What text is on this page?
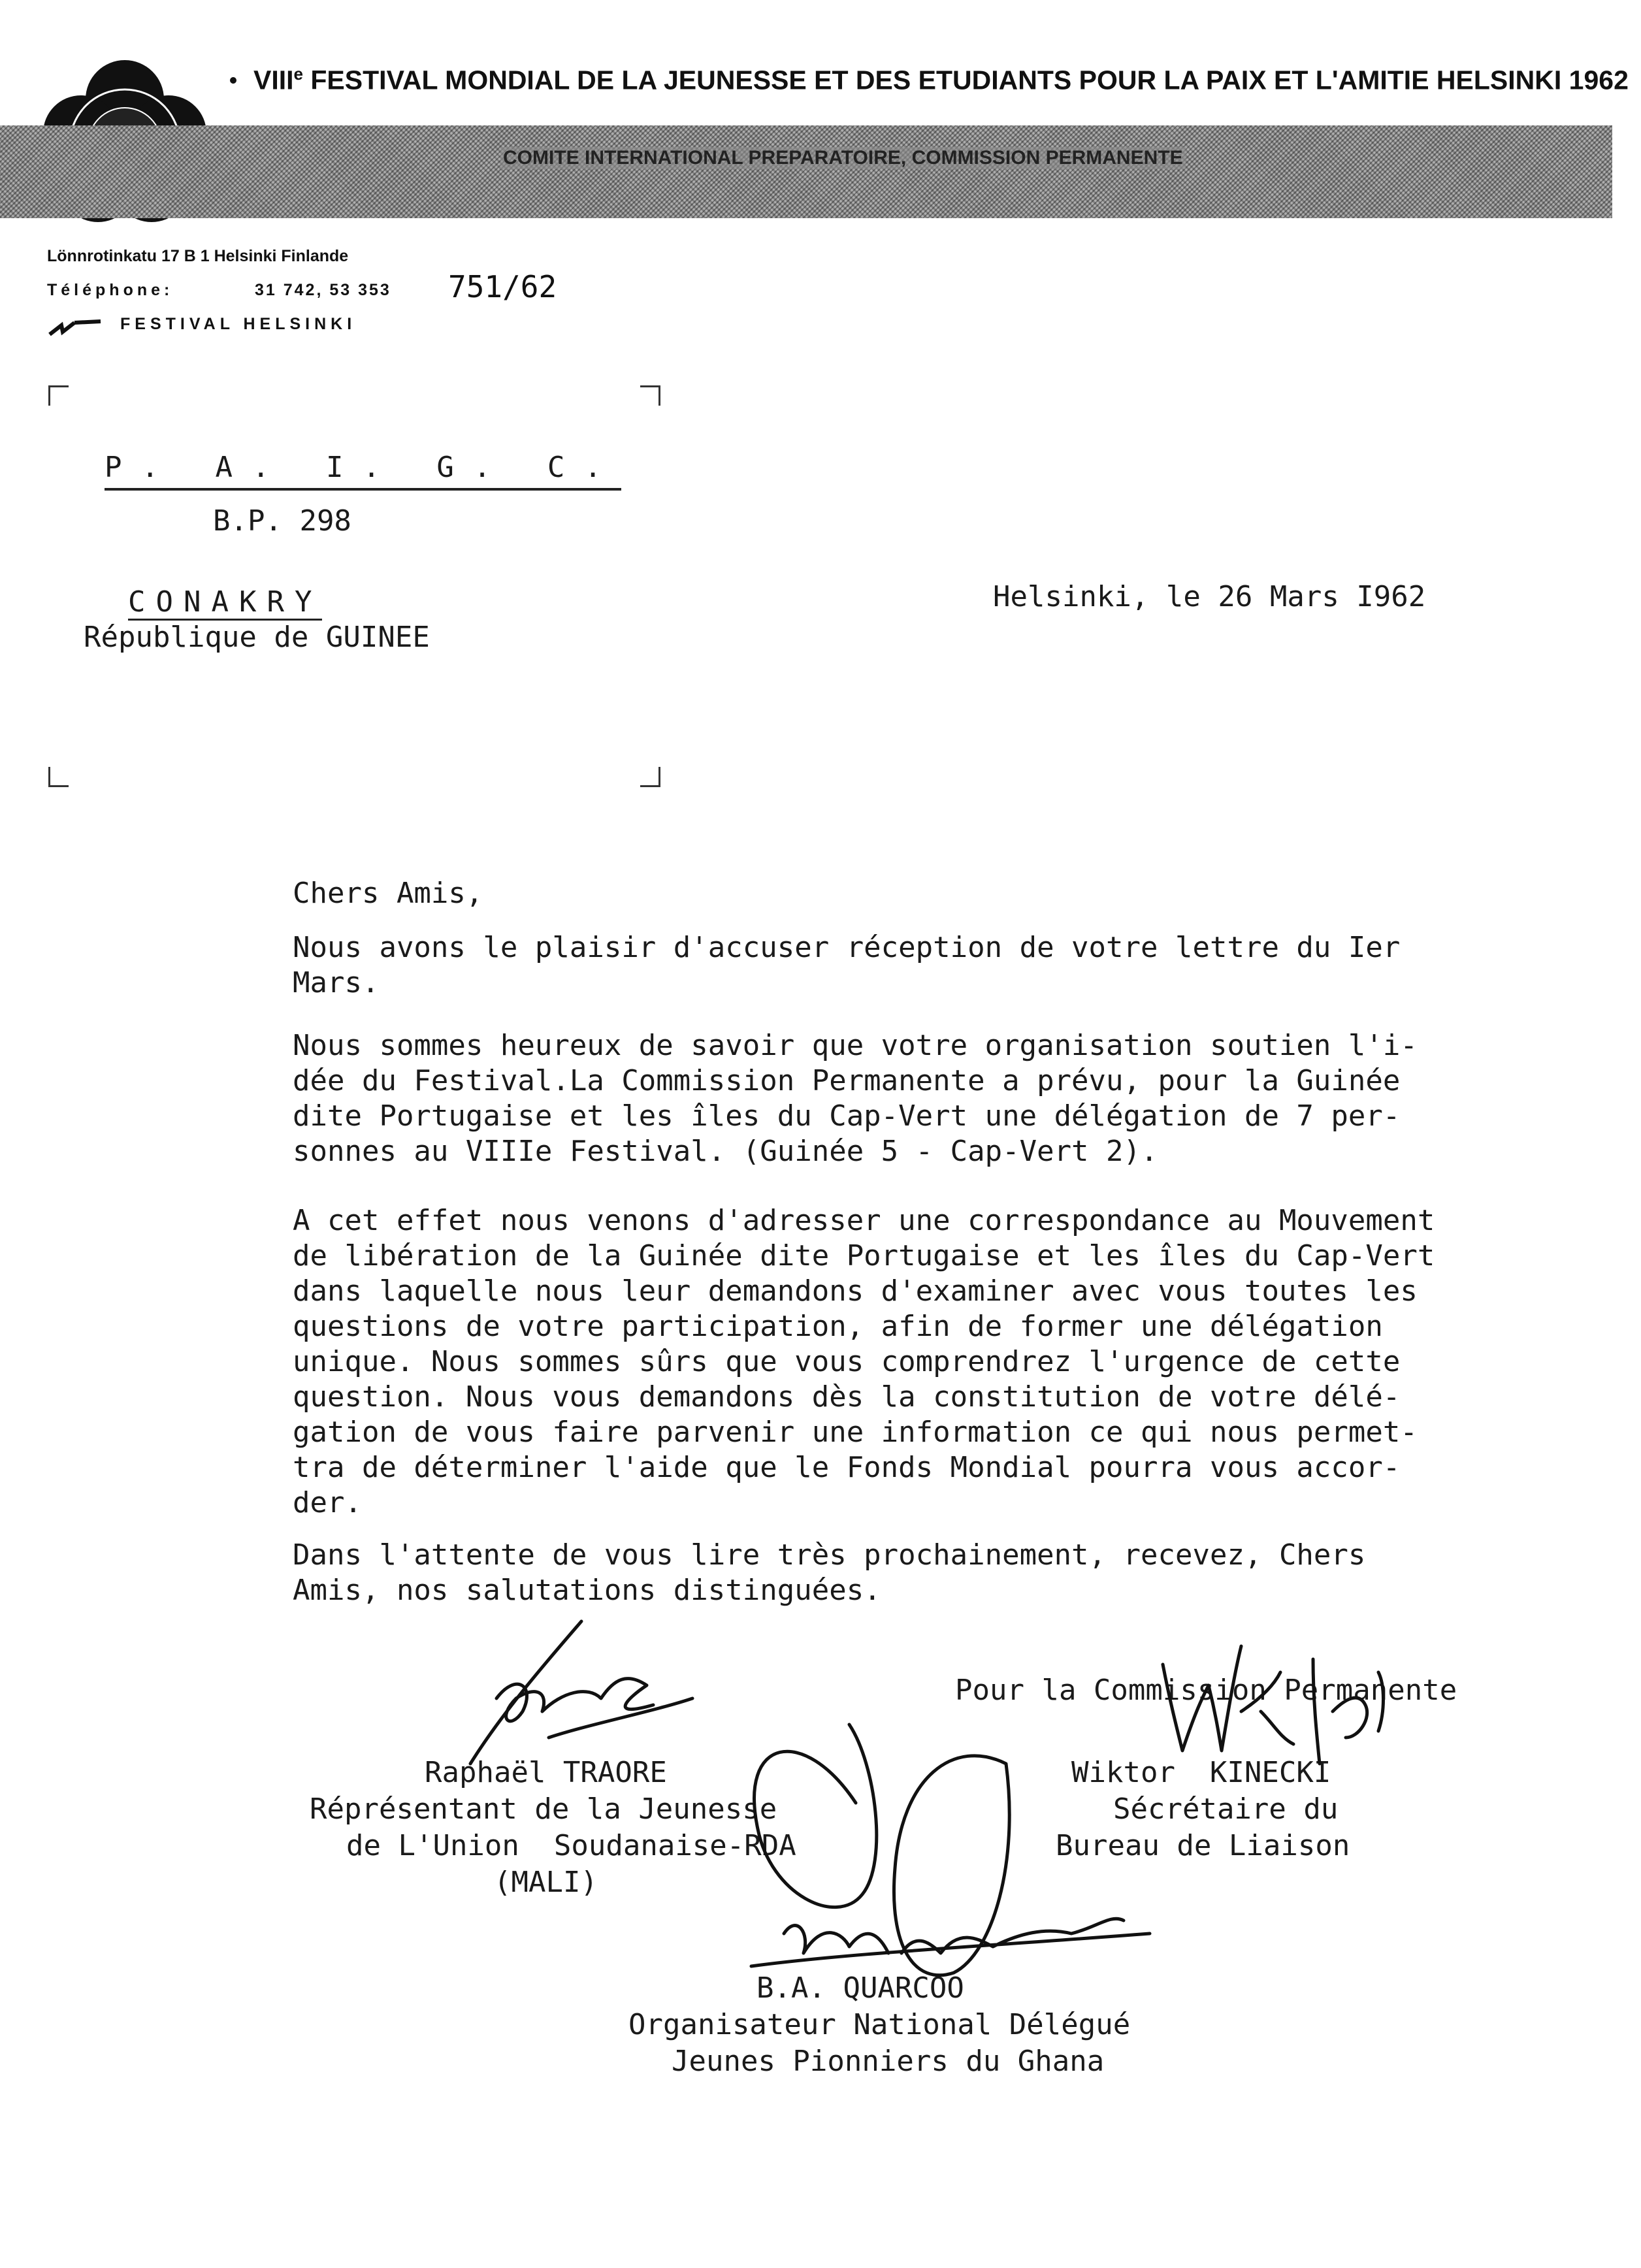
VIIIe FESTIVAL MONDIAL DE LA JEUNESSE ET DES ETUDIANTS POUR LA PAIX ET L'AMITIE HELSINKI 1962
COMITE INTERNATIONAL PREPARATOIRE, COMMISSION PERMANENTE
Lönnrotinkatu 17 B 1 Helsinki Finlande
Téléphone:	31 742, 53 353
FESTIVAL HELSINKI
751/62
P. A. I. G. C.
B.P. 298
CONAKRY
République de GUINEE
Helsinki, le 26 Mars I962
Chers Amis,
Nous avons le plaisir d'accuser réception de votre lettre du Ier
Mars.
Nous sommes heureux de savoir que votre organisation soutien l'i-
dée du Festival.La Commission Permanente a prévu, pour la Guinée
dite Portugaise et les îles du Cap-Vert une délégation de 7 per-
sonnes au VIIIe Festival. (Guinée 5 - Cap-Vert 2).
A cet effet nous venons d'adresser une correspondance au Mouvement
de libération de la Guinée dite Portugaise et les îles du Cap-Vert
dans laquelle nous leur demandons d'examiner avec vous toutes les
questions de votre participation, afin de former une délégation
unique. Nous sommes sûrs que vous comprendrez l'urgence de cette
question. Nous vous demandons dès la constitution de votre délé-
gation de vous faire parvenir une information ce qui nous permet-
tra de déterminer l'aide que le Fonds Mondial pourra vous accor-
der.
Dans l'attente de vous lire très prochainement, recevez, Chers
Amis, nos salutations distinguées.
Pour la Commission Permanente
Raphaël TRAORE
Réprésentant de la Jeunesse
de L'Union  Soudanaise-RDA
(MALI)
Wiktor  KINECKI
Sécrétaire du
Bureau de Liaison
B.A. QUARCOO
Organisateur National Délégué
Jeunes Pionniers du Ghana
